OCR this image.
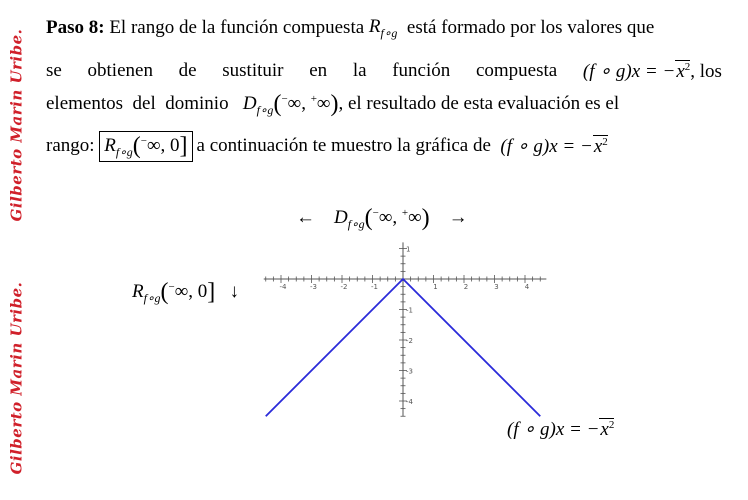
Gilberto Marin Uribe.
Gilberto Marin Uribe.
Paso 8:
El rango de la función compuesta
$R_{f\circ g}$
está formado por los valores que
se obtienen de sustituir en la función compuesta (f ∘ $g)x = -x^2$, los
elementos
del
dominio
$D_{f\circ g}(^-\infty$, +∞) , el resultado de esta evaluación es el
rango:
$R_{f\circ g}(^-\infty$, 0] a continuación te muestro la gráfica de
(f ∘ $g)x = -x^2$
← $D_{f\circ g}(^-\infty$, +∞) →
$R_{f\circ g}(^-\infty$, 0] ↓
(f ∘ $g)x = -x^2$
-4	-3	-2	-1	1	2	3	4
1
-1
-2
-3
-4
